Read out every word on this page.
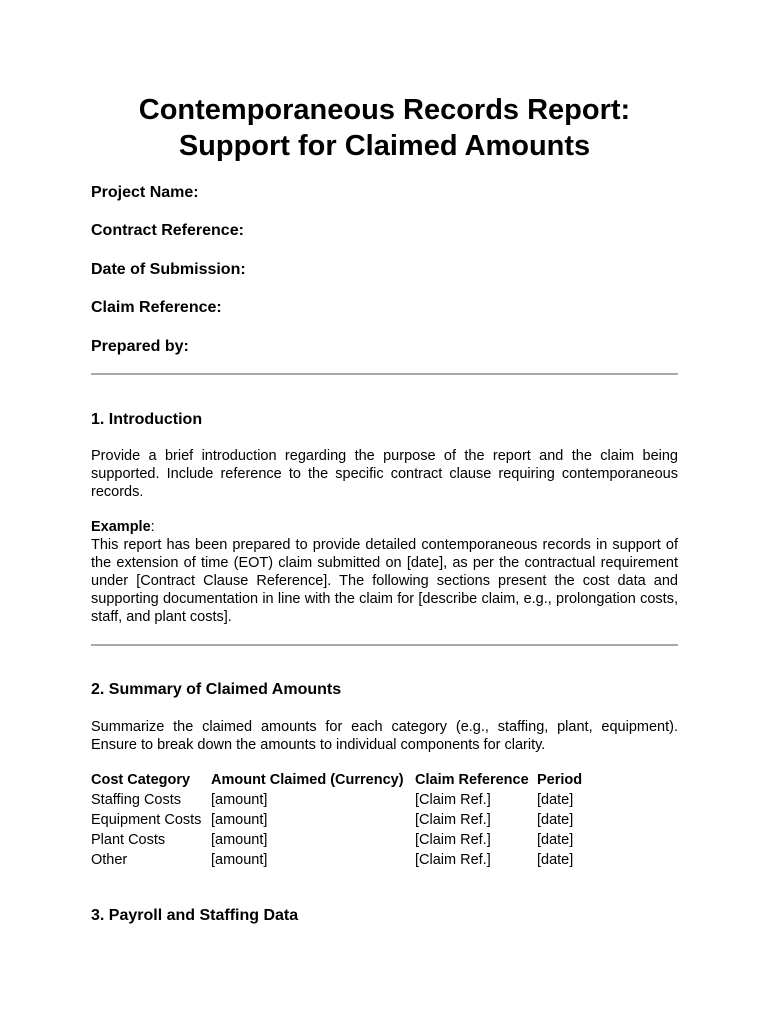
Contemporaneous Records Report:
Support for Claimed Amounts

Project Name:

Contract Reference:

Date of Submission:

Claim Reference:

Prepared by:

1. Introduction

Provide a brief introduction regarding the purpose of the report and the claim being supported. Include reference to the specific contract clause requiring contemporaneous records.

Example:
This report has been prepared to provide detailed contemporaneous records in support of the extension of time (EOT) claim submitted on [date], as per the contractual requirement under [Contract Clause Reference]. The following sections present the cost data and supporting documentation in line with the claim for [describe claim, e.g., prolongation costs, staff, and plant costs].

2. Summary of Claimed Amounts

Summarize the claimed amounts for each category (e.g., staffing, plant, equipment). Ensure to break down the amounts to individual components for clarity.

Cost Category	Amount Claimed (Currency)	Claim Reference	Period
Staffing Costs	[amount]	[Claim Ref.]	[date]
Equipment Costs	[amount]	[Claim Ref.]	[date]
Plant Costs	[amount]	[Claim Ref.]	[date]
Other	[amount]	[Claim Ref.]	[date]
3. Payroll and Staffing Data
